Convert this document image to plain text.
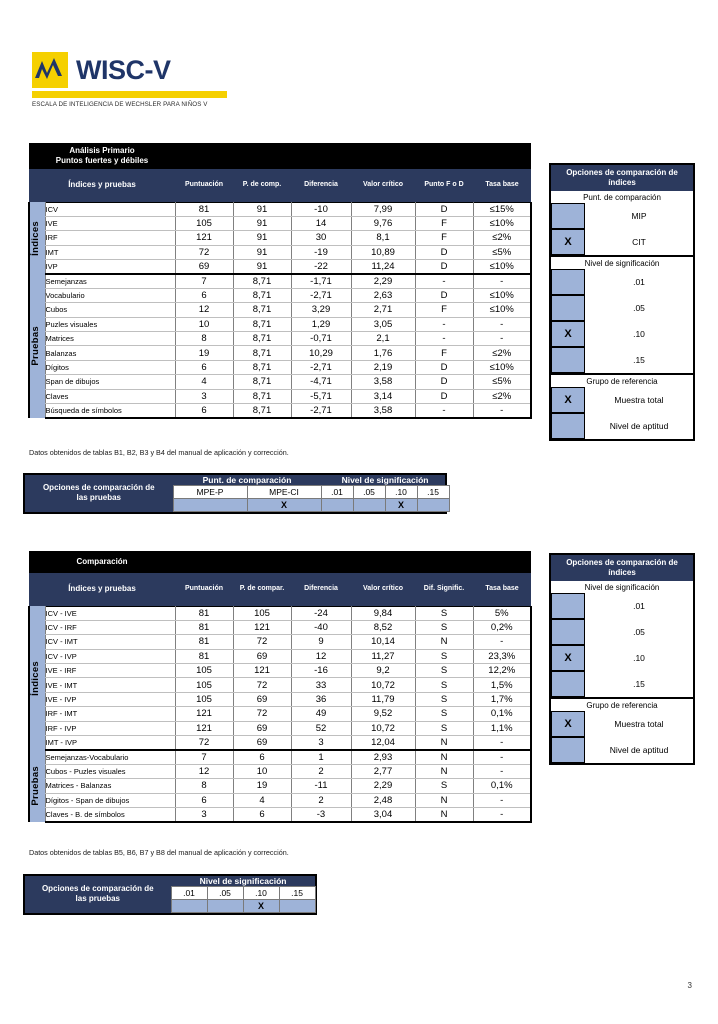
WISC-V
ESCALA DE INTELIGENCIA DE WECHSLER PARA NIÑOS V
Análisis Primario
Puntos fuertes y débiles							

Índices y pruebas		Puntuación	P. de comp.	Diferencia	Valor crítico	Punto F o D	Tasa base

Índices	ICV	81	91	-10	7,99	D	≤15%
	IVE	105	91	14	9,76	F	≤10%
	IRF	121	91	30	8,1	F	≤2%
	IMT	72	91	-19	10,89	D	≤5%
	IVP	69	91	-22	11,24	D	≤10%

Pruebas	Semejanzas	7	8,71	-1,71	2,29	-	-
	Vocabulario	6	8,71	-2,71	2,63	D	≤10%
	Cubos	12	8,71	3,29	2,71	F	≤10%
	Puzles visuales	10	8,71	1,29	3,05	-	-
	Matrices	8	8,71	-0,71	2,1	-	-
	Balanzas	19	8,71	10,29	1,76	F	≤2%
	Dígitos	6	8,71	-2,71	2,19	D	≤10%
	Span de dibujos	4	8,71	-4,71	3,58	D	≤5%
	Claves	3	8,71	-5,71	3,14	D	≤2%
	Búsqueda de símbolos	6	8,71	-2,71	3,58	-	-
Datos obtenidos de tablas B1, B2, B3 y B4 del manual de aplicación y corrección.
Opciones de comparación de
las pruebas	Punt. de comparación		Nivel de significación			
	MPE-P	MPE-CI	.01	.05	.10	.15
		X			X	
Comparación							

Índices y pruebas		Puntuación	P. de compar.	Diferencia	Valor crítico	Dif. Signific.	Tasa base

Índices	ICV - IVE	81	105	-24	9,84	S	5%
	ICV - IRF	81	121	-40	8,52	S	0,2%
	ICV - IMT	81	72	9	10,14	N	-
	ICV - IVP	81	69	12	11,27	S	23,3%
	IVE - IRF	105	121	-16	9,2	S	12,2%
	IVE - IMT	105	72	33	10,72	S	1,5%
	IVE - IVP	105	69	36	11,79	S	1,7%
	IRF - IMT	121	72	49	9,52	S	0,1%
	IRF - IVP	121	69	52	10,72	S	1,1%
	IMT - IVP	72	69	3	12,04	N	-

Pruebas	Semejanzas-Vocabulario	7	6	1	2,93	N	-
	Cubos - Puzles visuales	12	10	2	2,77	N	-
	Matrices - Balanzas	8	19	-11	2,29	S	0,1%
	Dígitos - Span de dibujos	6	4	2	2,48	N	-
	Claves - B. de símbolos	3	6	-3	3,04	N	-
Datos obtenidos de tablas B5, B6, B7 y B8 del manual de aplicación y corrección.
Opciones de comparación de
las pruebas	Nivel de significación			
	.01	.05	.10	.15
			X	
Opciones de comparación de
índices
Punt. de comparación
MIP
X	CIT
Nivel de significación
.01
.05
X	.10
.15
Grupo de referencia
X	Muestra total
Nivel de aptitud
Opciones de comparación de
índices
Nivel de significación
.01
.05
X	.10
.15
Grupo de referencia
X	Muestra total
Nivel de aptitud
3
